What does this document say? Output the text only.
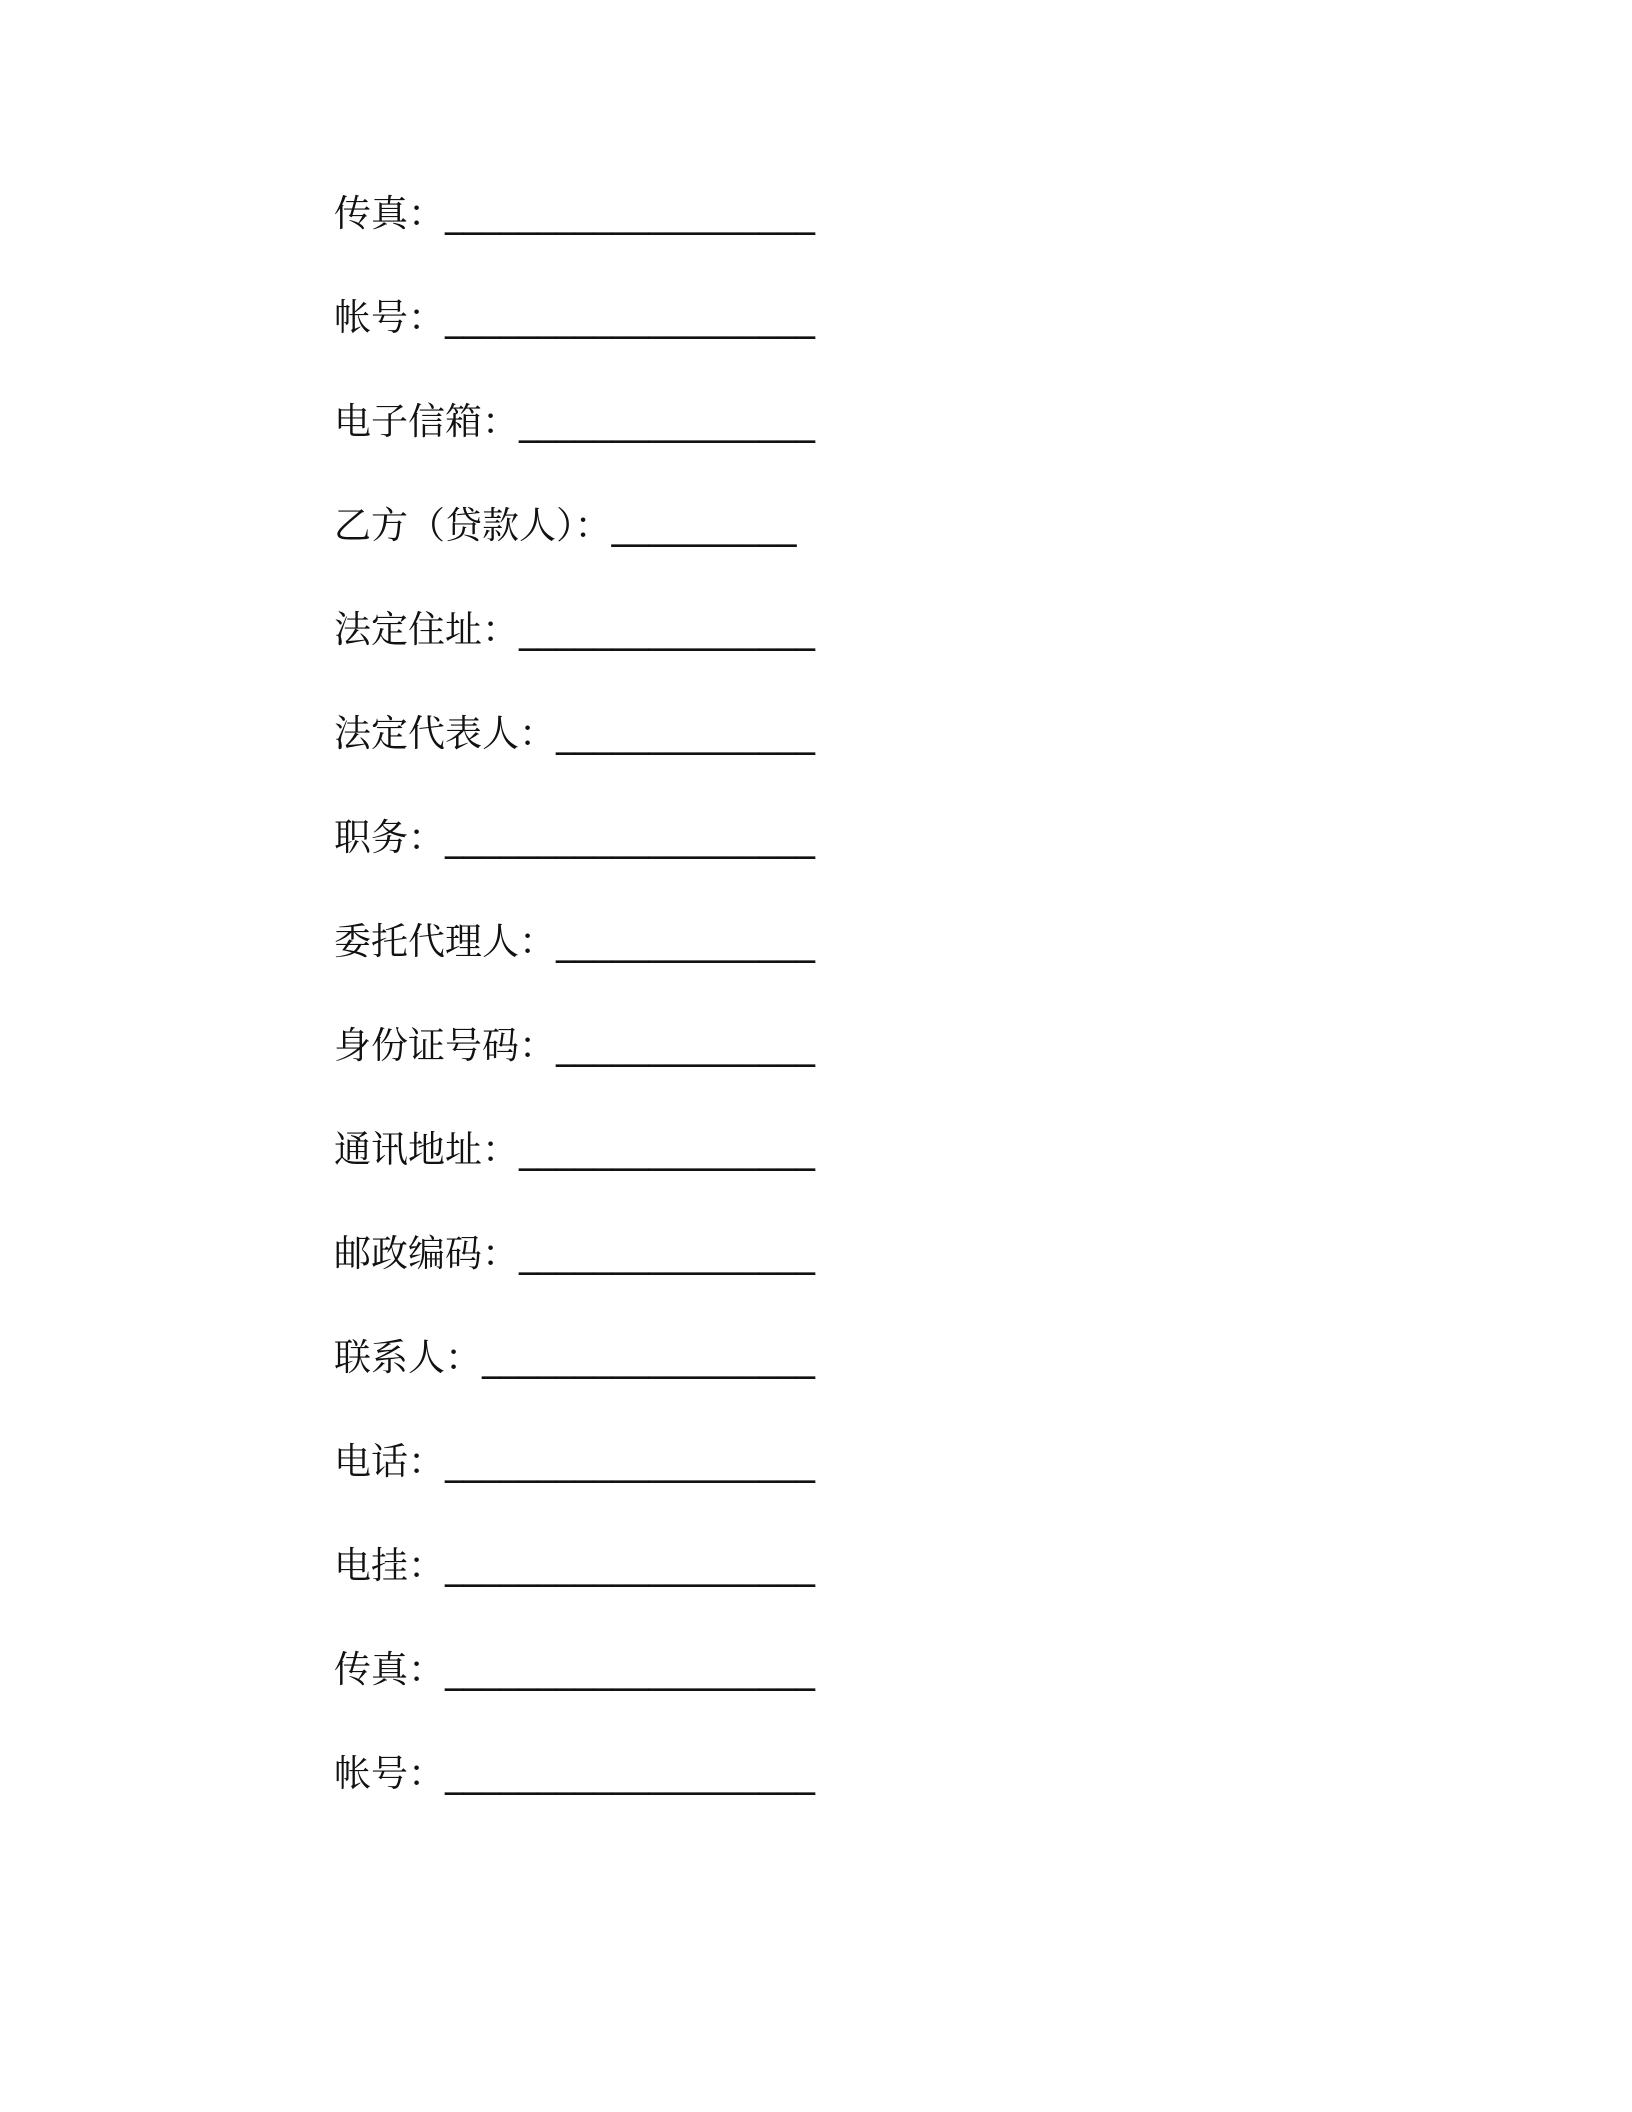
传真：____________________
帐号：____________________
电子信箱：________________
乙方（贷款人）：__________
法定住址：________________
法定代表人：______________
职务：____________________
委托代理人：______________
身份证号码：______________
通讯地址：________________
邮政编码：________________
联系人：__________________
电话：____________________
电挂：____________________
传真：____________________
帐号：____________________
